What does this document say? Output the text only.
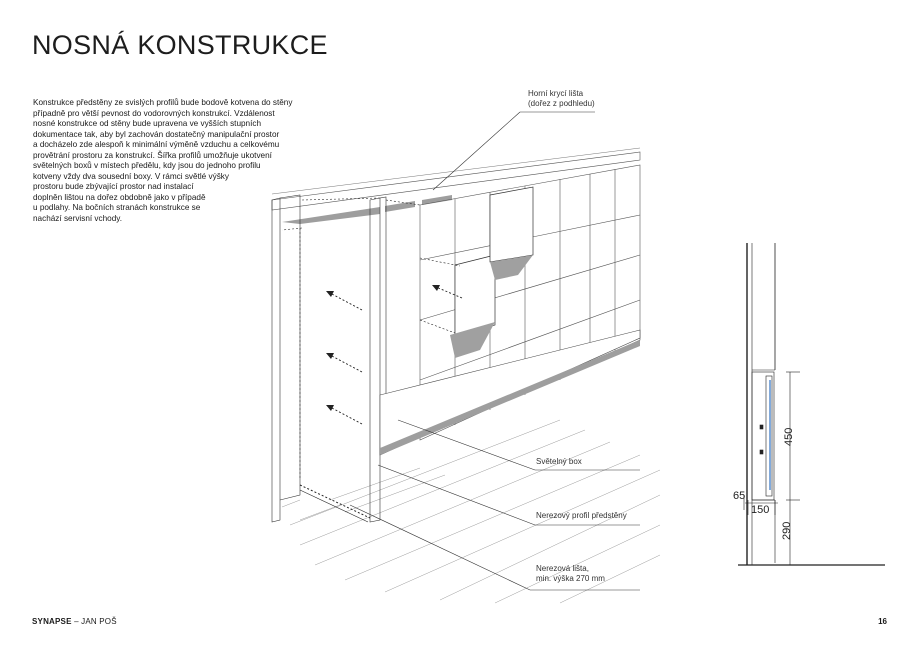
NOSNÁ KONSTRUKCE
Konstrukce předstěny ze svislých profilů bude bodově kotvena do stěny
případně pro větší pevnost do vodorovných konstrukcí. Vzdálenost
nosné konstrukce od stěny bude upravena ve vyšších stupních
dokumentace tak, aby byl zachován dostatečný manipulační prostor
a docházelo zde alespoň k minimální výměně vzduchu a celkovému
provětrání prostoru za konstrukcí. Šířka profilů umožňuje ukotvení
světelných boxů v místech předělu, kdy jsou do jednoho profilu
kotveny vždy dva sousední boxy. V rámci světlé výšky
prostoru bude zbývající prostor nad instalací
doplněn lištou na dořez obdobně jako v případě
u podlahy. Na bočních stranách konstrukce se
nachází servisní vchody.
450
65
150
290
Horní krycí lišta
(dořez z podhledu)
Světelný box
Nerezový profil předstěny
Nerezová lišta,
min. výška 270 mm
SYNAPSE – JAN POŠ	16
